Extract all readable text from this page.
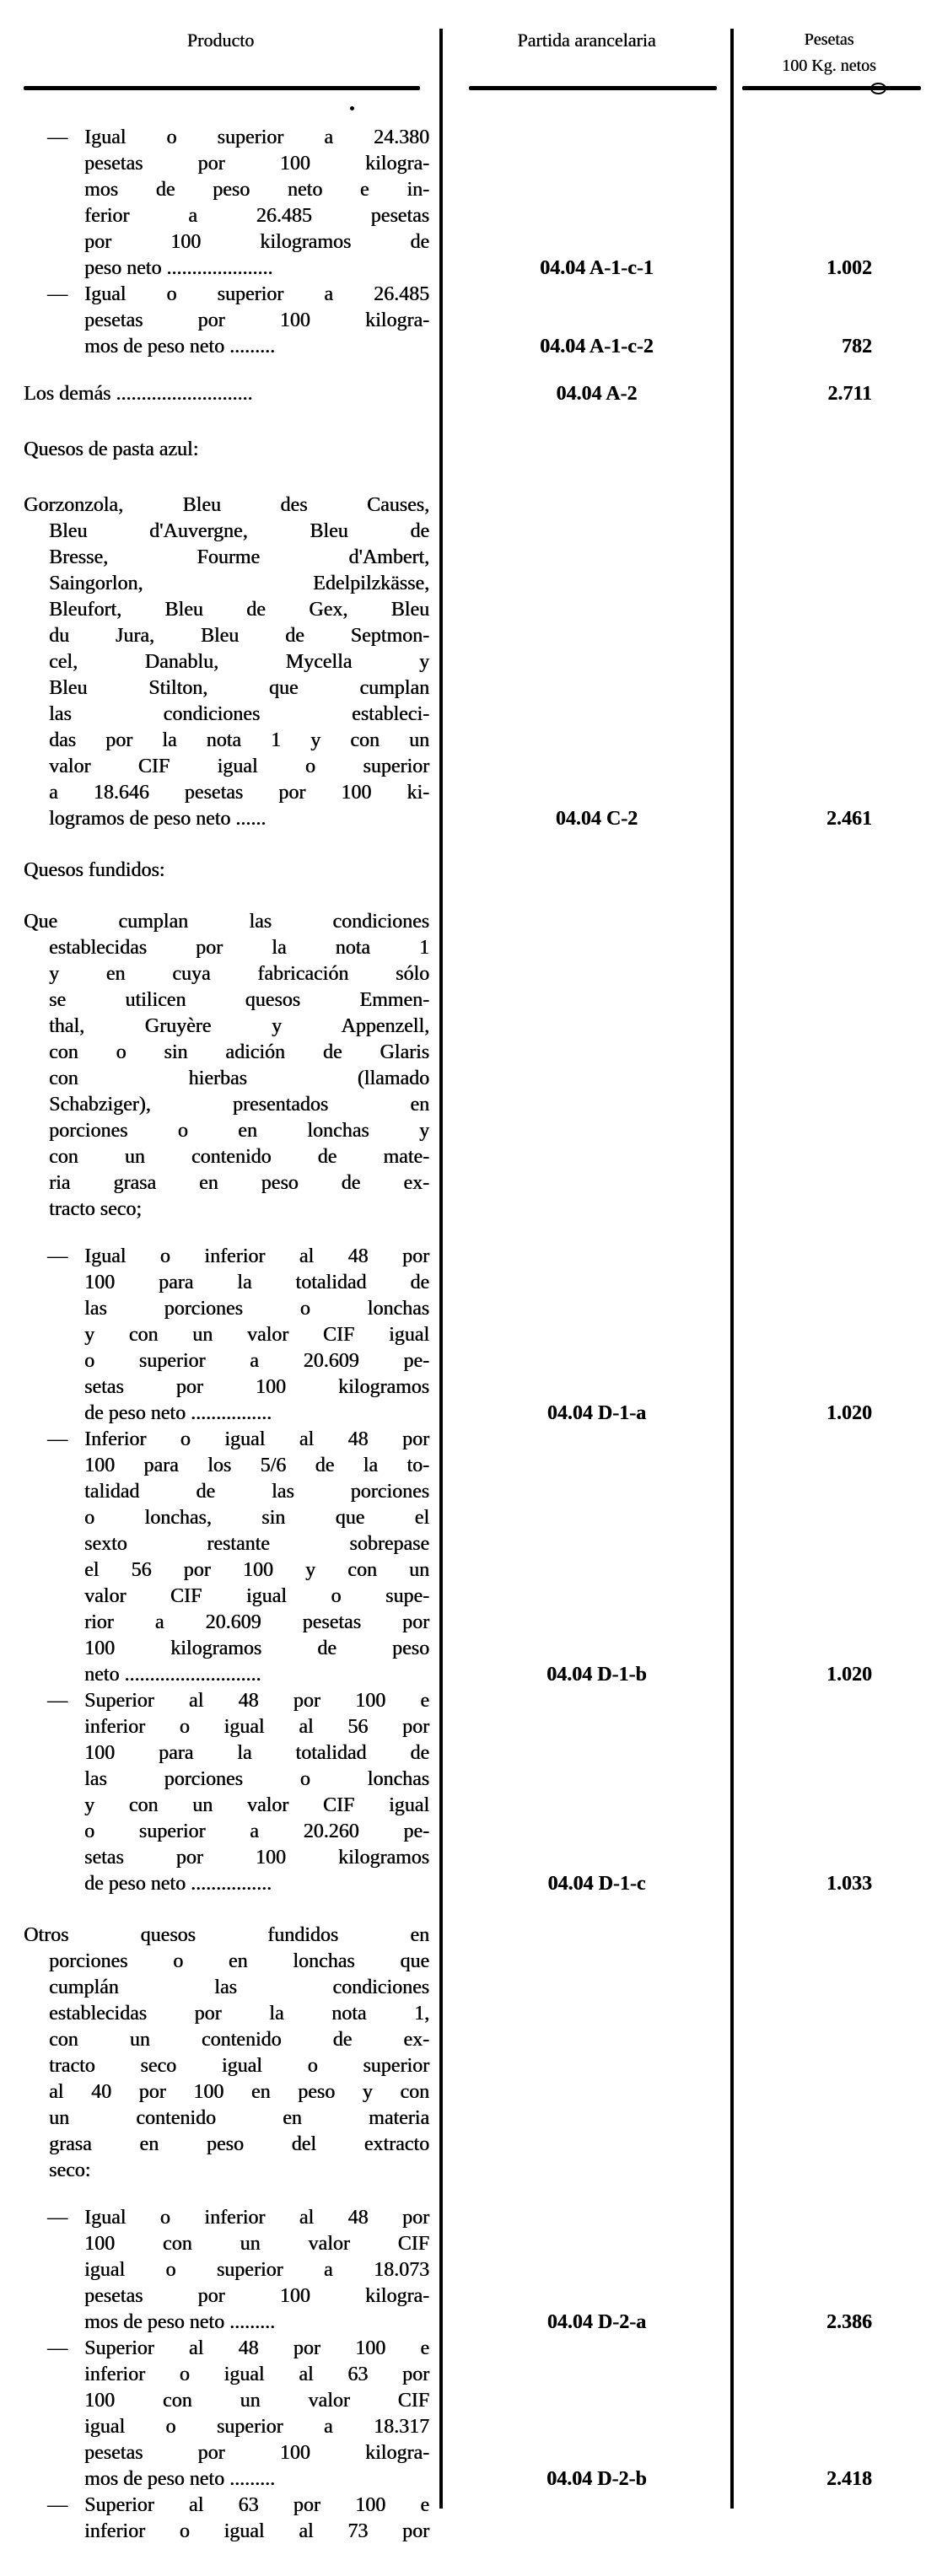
Producto	Partida arancelaria	Pesetas
100 Kg. netos
— Igual o superior a 24.380
pesetas por 100 kilogra-
mos de peso neto e in-
ferior a 26.485 pesetas
por 100 kilogramos de
peso neto .....................	04.04 A-1-c-1	1.002
— Igual o superior a 26.485
pesetas por 100 kilogra-
mos de peso neto .........	04.04 A-1-c-2	782
Los demás ...........................	04.04 A-2	2.711
Quesos de pasta azul:
Gorzonzola, Bleu des Causes,
Bleu d'Auvergne, Bleu de
Bresse, Fourme d'Ambert,
Saingorlon, Edelpilzkässe,
Bleufort, Bleu de Gex, Bleu
du Jura, Bleu de Septmon-
cel, Danablu, Mycella y
Bleu Stilton, que cumplan
las condiciones estableci-
das por la nota 1 y con un
valor CIF igual o superior
a 18.646 pesetas por 100 ki-
logramos de peso neto ......	04.04 C-2	2.461
Quesos fundidos:
Que cumplan las condiciones
establecidas por la nota 1
y en cuya fabricación sólo
se utilicen quesos Emmen-
thal, Gruyère y Appenzell,
con o sin adición de Glaris
con hierbas (llamado
Schabziger), presentados en
porciones o en lonchas y
con un contenido de mate-
ria grasa en peso de ex-
tracto seco;
— Igual o inferior al 48 por
100 para la totalidad de
las porciones o lonchas
y con un valor CIF igual
o superior a 20.609 pe-
setas por 100 kilogramos
de peso neto ................	04.04 D-1-a	1.020
— Inferior o igual al 48 por
100 para los 5/6 de la to-
talidad de las porciones
o lonchas, sin que el
sexto restante sobrepase
el 56 por 100 y con un
valor CIF igual o supe-
rior a 20.609 pesetas por
100 kilogramos de peso
neto ...........................	04.04 D-1-b	1.020
— Superior al 48 por 100 e
inferior o igual al 56 por
100 para la totalidad de
las porciones o lonchas
y con un valor CIF igual
o superior a 20.260 pe-
setas por 100 kilogramos
de peso neto ................	04.04 D-1-c	1.033
Otros quesos fundidos en
porciones o en lonchas que
cumplán las condiciones
establecidas por la nota 1,
con un contenido de ex-
tracto seco igual o superior
al 40 por 100 en peso y con
un contenido en materia
grasa en peso del extracto
seco:
— Igual o inferior al 48 por
100 con un valor CIF
igual o superior a 18.073
pesetas por 100 kilogra-
mos de peso neto .........	04.04 D-2-a	2.386
— Superior al 48 por 100 e
inferior o igual al 63 por
100 con un valor CIF
igual o superior a 18.317
pesetas por 100 kilogra-
mos de peso neto .........	04.04 D-2-b	2.418
— Superior al 63 por 100 e
inferior o igual al 73 por
